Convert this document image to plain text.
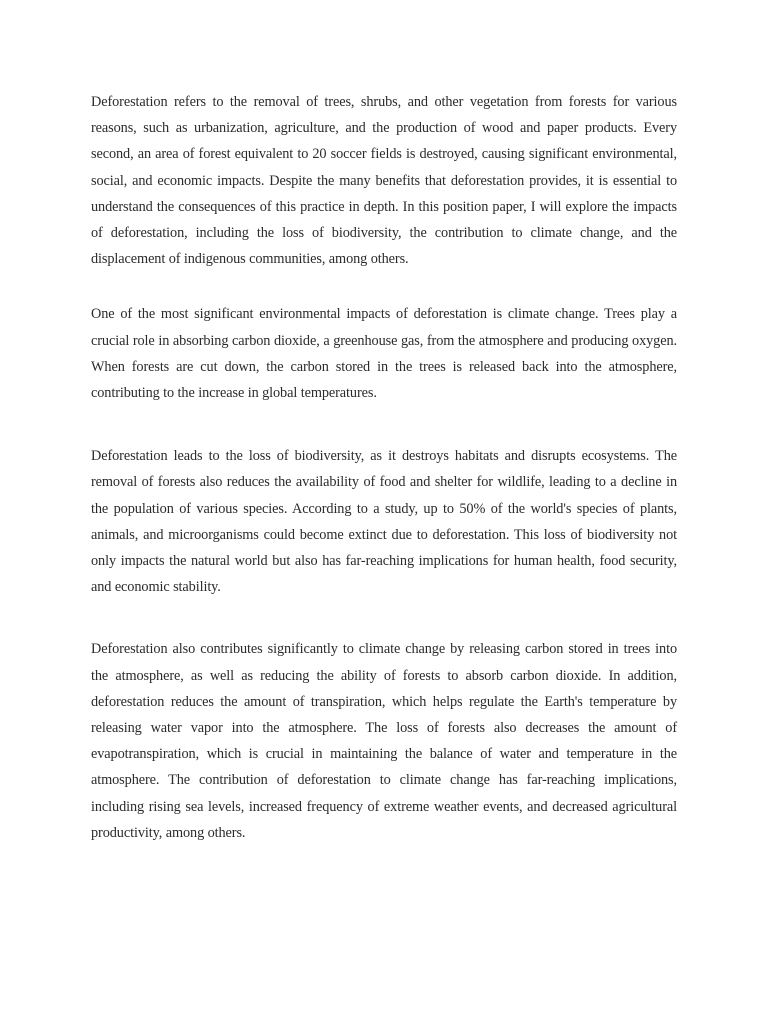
Deforestation refers to the removal of trees, shrubs, and other vegetation from forests for various reasons, such as urbanization, agriculture, and the production of wood and paper products. Every second, an area of forest equivalent to 20 soccer fields is destroyed, causing significant environmental, social, and economic impacts. Despite the many benefits that deforestation provides, it is essential to understand the consequences of this practice in depth. In this position paper, I will explore the impacts of deforestation, including the loss of biodiversity, the contribution to climate change, and the displacement of indigenous communities, among others.

One of the most significant environmental impacts of deforestation is climate change. Trees play a crucial role in absorbing carbon dioxide, a greenhouse gas, from the atmosphere and producing oxygen. When forests are cut down, the carbon stored in the trees is released back into the atmosphere, contributing to the increase in global temperatures.

Deforestation leads to the loss of biodiversity, as it destroys habitats and disrupts ecosystems. The removal of forests also reduces the availability of food and shelter for wildlife, leading to a decline in the population of various species. According to a study, up to 50% of the world's species of plants, animals, and microorganisms could become extinct due to deforestation. This loss of biodiversity not only impacts the natural world but also has far-reaching implications for human health, food security, and economic stability.

Deforestation also contributes significantly to climate change by releasing carbon stored in trees into the atmosphere, as well as reducing the ability of forests to absorb carbon dioxide. In addition, deforestation reduces the amount of transpiration, which helps regulate the Earth's temperature by releasing water vapor into the atmosphere. The loss of forests also decreases the amount of evapotranspiration, which is crucial in maintaining the balance of water and temperature in the atmosphere. The contribution of deforestation to climate change has far-reaching implications, including rising sea levels, increased frequency of extreme weather events, and decreased agricultural productivity, among others.
